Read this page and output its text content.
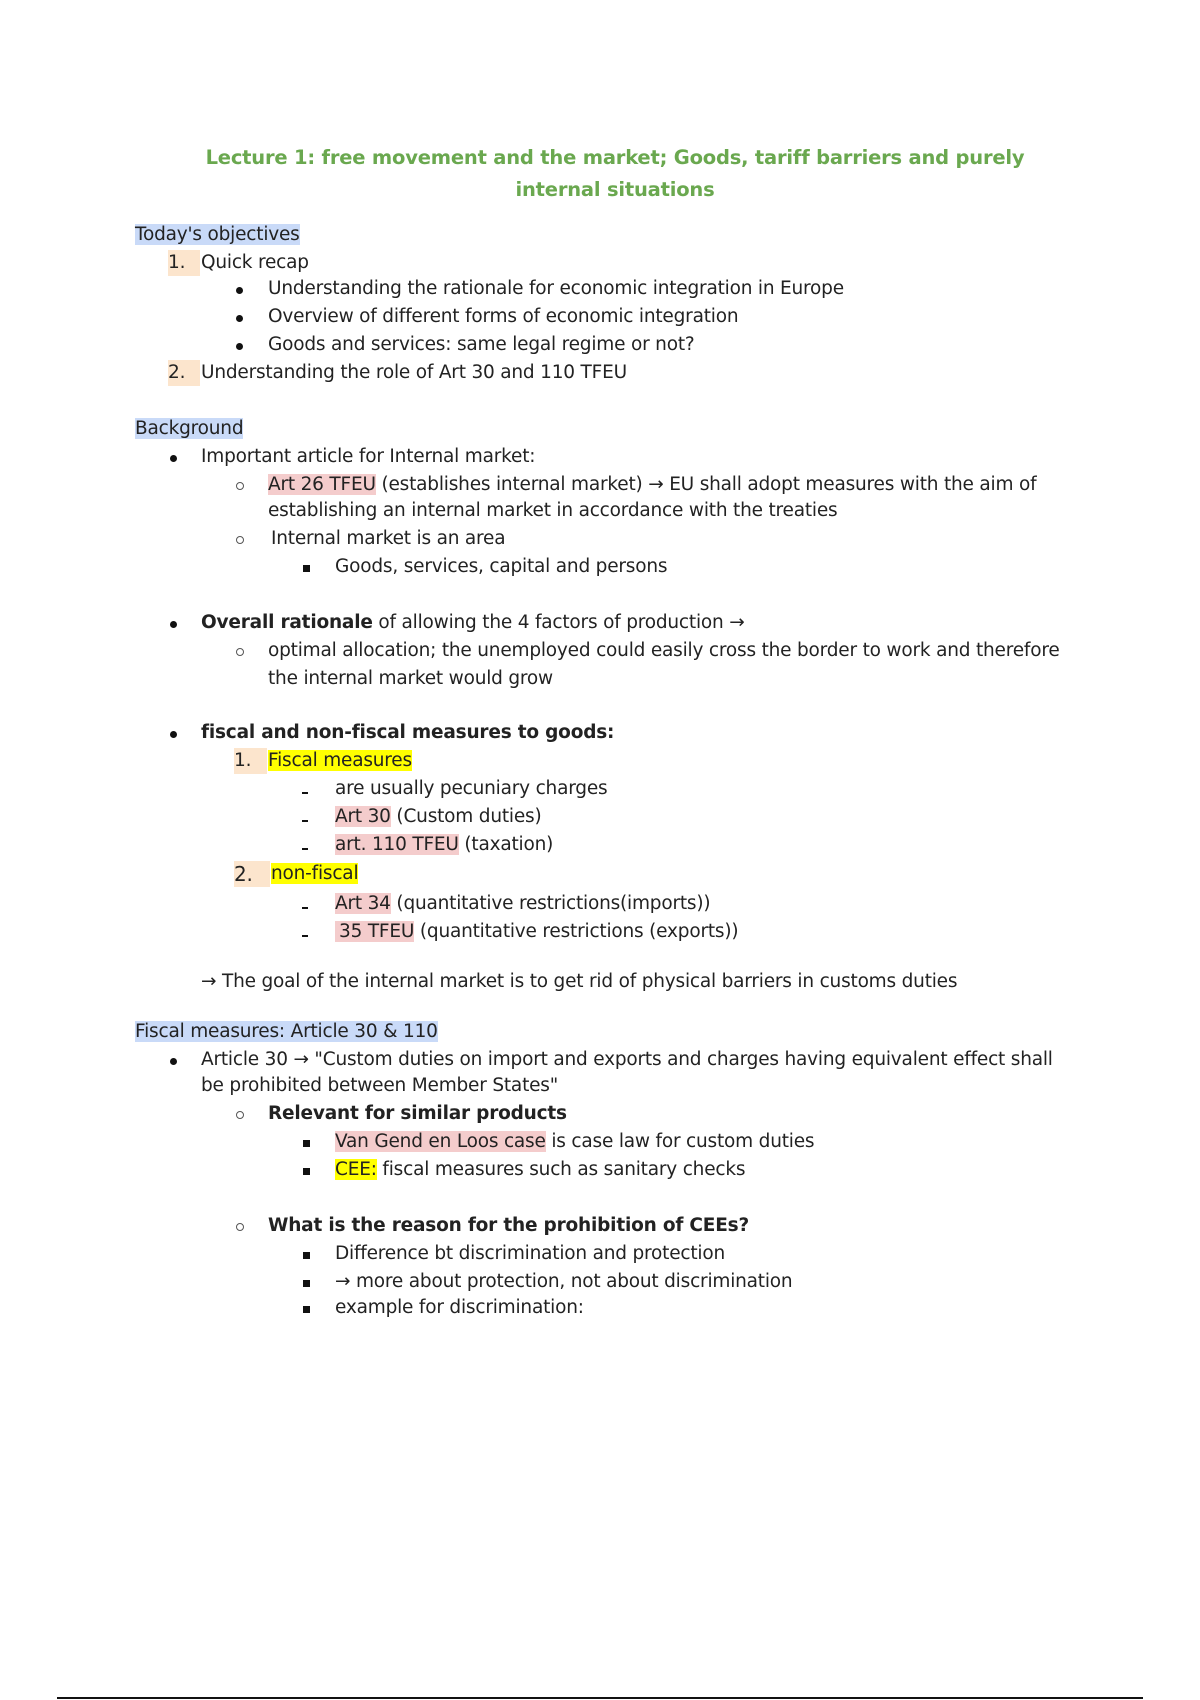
Lecture 1: free movement and the market; Goods, tariff barriers and purely internal situations
Today's objectives
1. Quick recap
Understanding the rationale for economic integration in Europe
Overview of different forms of economic integration
Goods and services: same legal regime or not?
2. Understanding the role of Art 30 and 110 TFEU
Background
Important article for Internal market:
Art 26 TFEU (establishes internal market) → EU shall adopt measures with the aim of
establishing an internal market in accordance with the treaties
Internal market is an area
Goods, services, capital and persons
Overall rationale of allowing the 4 factors of production →
optimal allocation; the unemployed could easily cross the border to work and therefore
the internal market would grow
fiscal and non-fiscal measures to goods:
1. Fiscal measures
are usually pecuniary charges
Art 30 (Custom duties)
art. 110 TFEU (taxation)
2. non-fiscal
Art 34 (quantitative restrictions(imports))
35 TFEU (quantitative restrictions (exports))
→ The goal of the internal market is to get rid of physical barriers in customs duties
Fiscal measures: Article 30 & 110
Article 30 → "Custom duties on import and exports and charges having equivalent effect shall
be prohibited between Member States"
Relevant for similar products
Van Gend en Loos case is case law for custom duties
CEE: fiscal measures such as sanitary checks
What is the reason for the prohibition of CEEs?
Difference bt discrimination and protection
→ more about protection, not about discrimination
example for discrimination:
